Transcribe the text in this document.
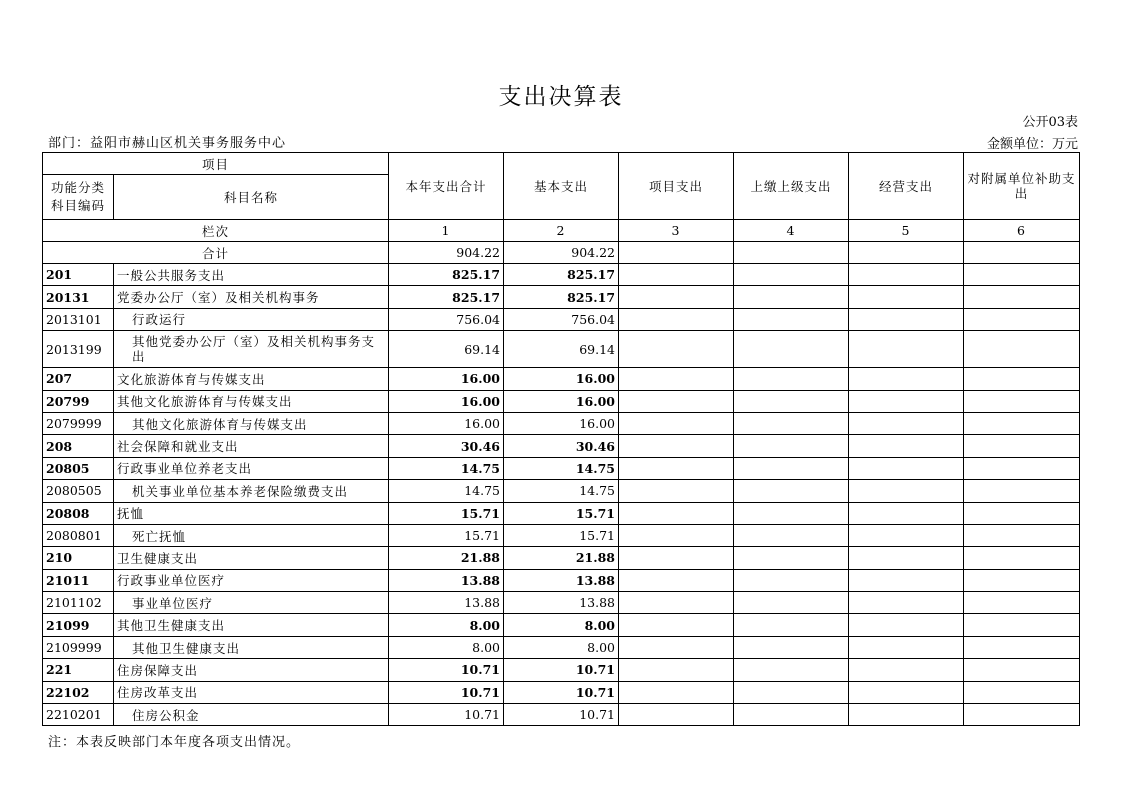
支出决算表
公开03表
部门：益阳市赫山区机关事务服务中心	金额单位：万元
项目		本年支出合计	基本支出	项目支出	上缴上级支出	经营支出	对附属单位补助支出
功能分类科目编码	科目名称						
栏次		1	2	3	4	5	6
合计		904.22	904.22				
201	一般公共服务支出	825.17	825.17				
20131	党委办公厅（室）及相关机构事务	825.17	825.17				
2013101	行政运行	756.04	756.04				
2013199	其他党委办公厅（室）及相关机构事务支出	69.14	69.14				
207	文化旅游体育与传媒支出	16.00	16.00				
20799	其他文化旅游体育与传媒支出	16.00	16.00				
2079999	其他文化旅游体育与传媒支出	16.00	16.00				
208	社会保障和就业支出	30.46	30.46				
20805	行政事业单位养老支出	14.75	14.75				
2080505	机关事业单位基本养老保险缴费支出	14.75	14.75				
20808	抚恤	15.71	15.71				
2080801	死亡抚恤	15.71	15.71				
210	卫生健康支出	21.88	21.88				
21011	行政事业单位医疗	13.88	13.88				
2101102	事业单位医疗	13.88	13.88				
21099	其他卫生健康支出	8.00	8.00				
2109999	其他卫生健康支出	8.00	8.00				
221	住房保障支出	10.71	10.71				
22102	住房改革支出	10.71	10.71				
2210201	住房公积金	10.71	10.71				
注：本表反映部门本年度各项支出情况。
